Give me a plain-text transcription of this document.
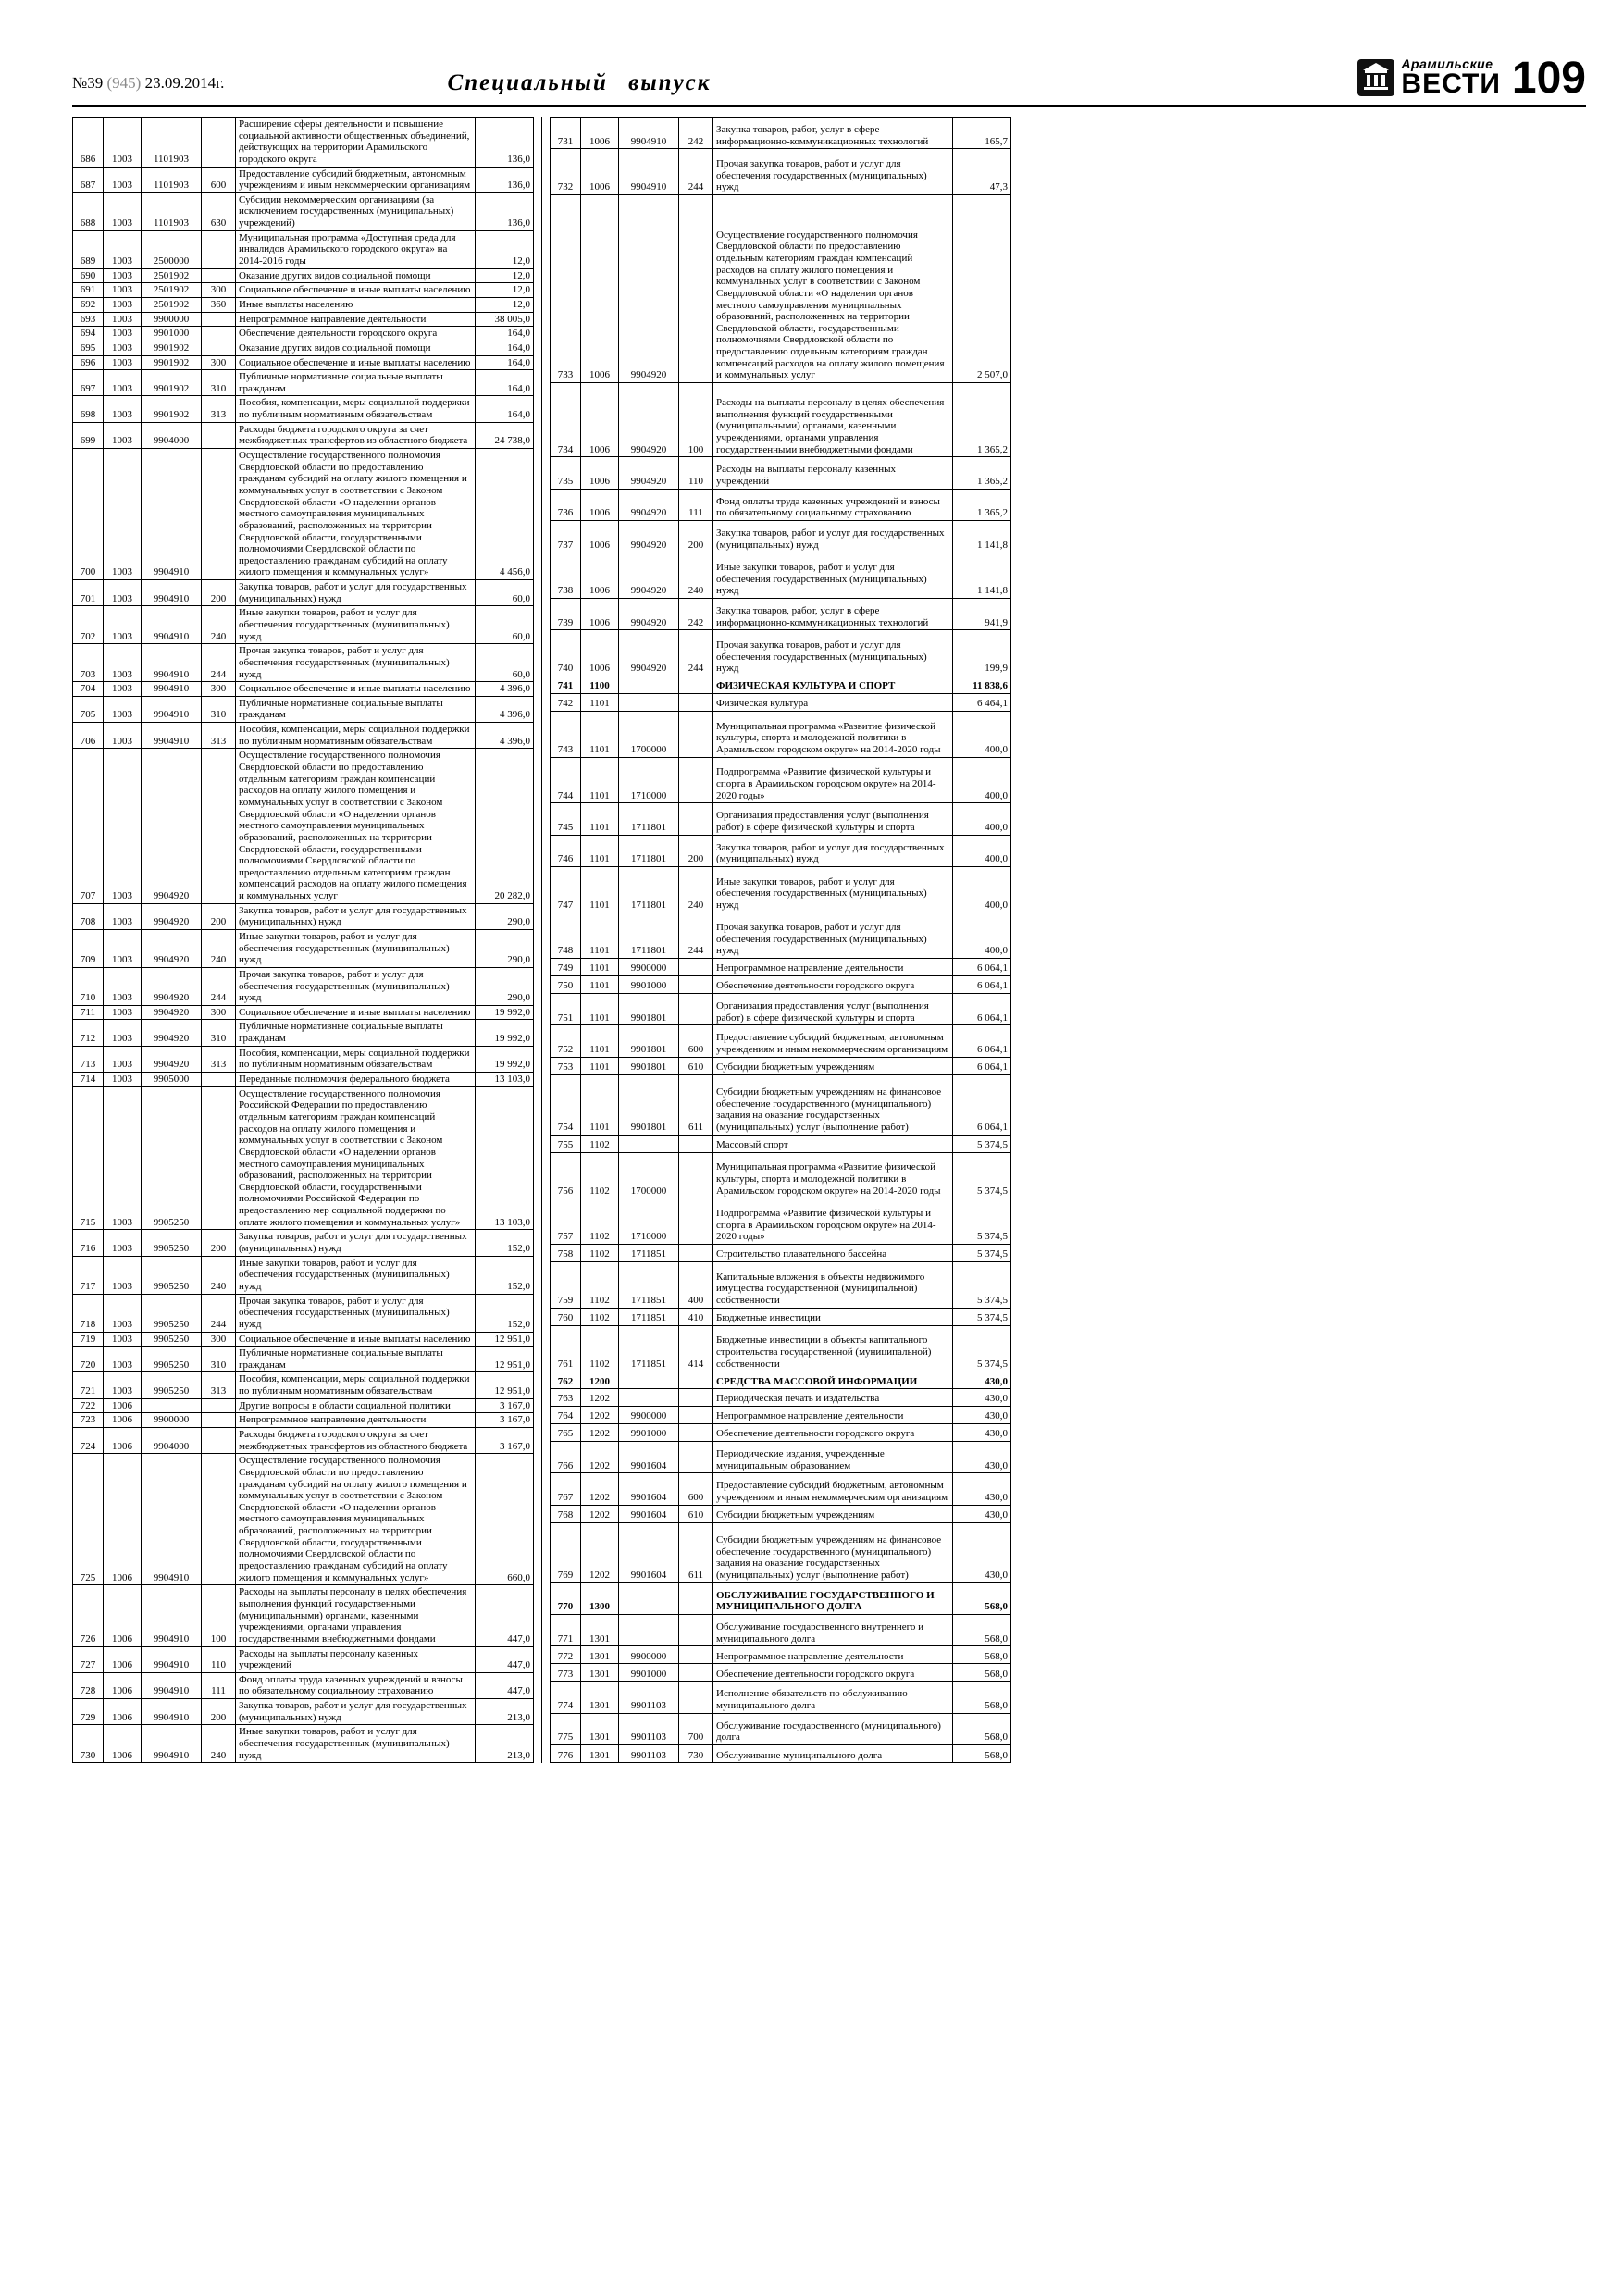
№39 (945) 23.09.2014г.	Специальный выпуск
Арамильские
ВЕСТИ 109
686	1003	1101903		Расширение сферы деятельности и повышение социальной активности общественных объединений, действующих на территории Арамильского городского округа	136,0
687	1003	1101903	600	Предоставление субсидий бюджетным, автономным учреждениям и иным некоммерческим организациям	136,0
688	1003	1101903	630	Субсидии некоммерческим организациям (за исключением государственных (муниципальных) учреждений)	136,0
689	1003	2500000		Муниципальная программа «Доступная среда для инвалидов Арамильского городского округа» на 2014-2016 годы	12,0
690	1003	2501902		Оказание других видов социальной помощи	12,0
691	1003	2501902	300	Социальное обеспечение и иные выплаты населению	12,0
692	1003	2501902	360	Иные выплаты населению	12,0
693	1003	9900000		Непрограммное направление деятельности	38 005,0
694	1003	9901000		Обеспечение деятельности городского округа	164,0
695	1003	9901902		Оказание других видов социальной помощи	164,0
696	1003	9901902	300	Социальное обеспечение и иные выплаты населению	164,0
697	1003	9901902	310	Публичные нормативные социальные выплаты гражданам	164,0
698	1003	9901902	313	Пособия, компенсации, меры социальной поддержки по публичным нормативным обязательствам	164,0
699	1003	9904000		Расходы бюджета городского округа за счет межбюджетных трансфертов из областного бюджета	24 738,0
700	1003	9904910		Осуществление государственного полномочия Свердловской области по предоставлению гражданам субсидий на оплату жилого помещения и коммунальных услуг в соответствии с Законом Свердловской области «О наделении органов местного самоуправления муниципальных образований, расположенных на территории Свердловской области, государственными полномочиями Свердловской области по предоставлению гражданам субсидий на оплату жилого помещения и коммунальных услуг»	4 456,0
701	1003	9904910	200	Закупка товаров, работ и услуг для государственных (муниципальных) нужд	60,0
702	1003	9904910	240	Иные закупки товаров, работ и услуг для обеспечения государственных (муниципальных) нужд	60,0
703	1003	9904910	244	Прочая закупка товаров, работ и услуг для обеспечения государственных (муниципальных) нужд	60,0
704	1003	9904910	300	Социальное обеспечение и иные выплаты населению	4 396,0
705	1003	9904910	310	Публичные нормативные социальные выплаты гражданам	4 396,0
706	1003	9904910	313	Пособия, компенсации, меры социальной поддержки по публичным нормативным обязательствам	4 396,0
707	1003	9904920		Осуществление государственного полномочия Свердловской области по предоставлению отдельным категориям граждан компенсаций расходов на оплату жилого помещения и коммунальных услуг в соответствии с Законом Свердловской области «О наделении органов местного самоуправления муниципальных образований, расположенных на территории Свердловской области, государственными полномочиями Свердловской области по предоставлению отдельным категориям граждан компенсаций расходов на оплату жилого помещения и коммунальных услуг	20 282,0
708	1003	9904920	200	Закупка товаров, работ и услуг для государственных (муниципальных) нужд	290,0
709	1003	9904920	240	Иные закупки товаров, работ и услуг для обеспечения государственных (муниципальных) нужд	290,0
710	1003	9904920	244	Прочая закупка товаров, работ и услуг для обеспечения государственных (муниципальных) нужд	290,0
711	1003	9904920	300	Социальное обеспечение и иные выплаты населению	19 992,0
712	1003	9904920	310	Публичные нормативные социальные выплаты гражданам	19 992,0
713	1003	9904920	313	Пособия, компенсации, меры социальной поддержки по публичным нормативным обязательствам	19 992,0
714	1003	9905000		Переданные полномочия федерального бюджета	13 103,0
715	1003	9905250		Осуществление государственного полномочия Российской Федерации по предоставлению отдельным категориям граждан компенсаций расходов на оплату жилого помещения и коммунальных услуг в соответствии с Законом Свердловской области «О наделении органов местного самоуправления муниципальных образований, расположенных на территории Свердловской области, государственными полномочиями Российской Федерации по предоставлению мер социальной поддержки по оплате жилого помещения и коммунальных услуг»	13 103,0
716	1003	9905250	200	Закупка товаров, работ и услуг для государственных (муниципальных) нужд	152,0
717	1003	9905250	240	Иные закупки товаров, работ и услуг для обеспечения государственных (муниципальных) нужд	152,0
718	1003	9905250	244	Прочая закупка товаров, работ и услуг для обеспечения государственных (муниципальных) нужд	152,0
719	1003	9905250	300	Социальное обеспечение и иные выплаты населению	12 951,0
720	1003	9905250	310	Публичные нормативные социальные выплаты гражданам	12 951,0
721	1003	9905250	313	Пособия, компенсации, меры социальной поддержки по публичным нормативным обязательствам	12 951,0
722	1006			Другие вопросы в области социальной политики	3 167,0
723	1006	9900000		Непрограммное направление деятельности	3 167,0
724	1006	9904000		Расходы бюджета городского округа за счет межбюджетных трансфертов из областного бюджета	3 167,0
725	1006	9904910		Осуществление государственного полномочия Свердловской области по предоставлению гражданам субсидий на оплату жилого помещения и коммунальных услуг в соответствии с Законом Свердловской области «О наделении органов местного самоуправления муниципальных образований, расположенных на территории Свердловской области, государственными полномочиями Свердловской области по предоставлению гражданам субсидий на оплату жилого помещения и коммунальных услуг»	660,0
726	1006	9904910	100	Расходы на выплаты персоналу в целях обеспечения выполнения функций государственными (муниципальными) органами, казенными учреждениями, органами управления государственными внебюджетными фондами	447,0
727	1006	9904910	110	Расходы на выплаты персоналу казенных учреждений	447,0
728	1006	9904910	111	Фонд оплаты труда казенных учреждений и взносы по обязательному социальному страхованию	447,0
729	1006	9904910	200	Закупка товаров, работ и услуг для государственных (муниципальных) нужд	213,0
730	1006	9904910	240	Иные закупки товаров, работ и услуг для обеспечения государственных (муниципальных) нужд	213,0
731	1006	9904910	242	Закупка товаров, работ, услуг в сфере информационно-коммуникационных технологий	165,7
732	1006	9904910	244	Прочая закупка товаров, работ и услуг для обеспечения государственных (муниципальных) нужд	47,3
733	1006	9904920		Осуществление государственного полномочия Свердловской области по предоставлению отдельным категориям граждан компенсаций расходов на оплату жилого помещения и коммунальных услуг в соответствии с Законом Свердловской области «О наделении органов местного самоуправления муниципальных образований, расположенных на территории Свердловской области, государственными полномочиями Свердловской области по предоставлению отдельным категориям граждан компенсаций расходов на оплату жилого помещения и коммунальных услуг	2 507,0
734	1006	9904920	100	Расходы на выплаты персоналу в целях обеспечения выполнения функций государственными (муниципальными) органами, казенными учреждениями, органами управления государственными внебюджетными фондами	1 365,2
735	1006	9904920	110	Расходы на выплаты персоналу казенных учреждений	1 365,2
736	1006	9904920	111	Фонд оплаты труда казенных учреждений и взносы по обязательному социальному страхованию	1 365,2
737	1006	9904920	200	Закупка товаров, работ и услуг для государственных (муниципальных) нужд	1 141,8
738	1006	9904920	240	Иные закупки товаров, работ и услуг для обеспечения государственных (муниципальных) нужд	1 141,8
739	1006	9904920	242	Закупка товаров, работ, услуг в сфере информационно-коммуникационных технологий	941,9
740	1006	9904920	244	Прочая закупка товаров, работ и услуг для обеспечения государственных (муниципальных) нужд	199,9
741	1100			ФИЗИЧЕСКАЯ КУЛЬТУРА И СПОРТ	11 838,6
742	1101			Физическая культура	6 464,1
743	1101	1700000		Муниципальная программа «Развитие физической культуры, спорта и молодежной политики в Арамильском городском округе» на 2014-2020 годы	400,0
744	1101	1710000		Подпрограмма «Развитие физической культуры и спорта в Арамильском городском округе» на 2014-2020 годы»	400,0
745	1101	1711801		Организация предоставления услуг (выполнения работ) в сфере физической культуры и спорта	400,0
746	1101	1711801	200	Закупка товаров, работ и услуг для государственных (муниципальных) нужд	400,0
747	1101	1711801	240	Иные закупки товаров, работ и услуг для обеспечения государственных (муниципальных) нужд	400,0
748	1101	1711801	244	Прочая закупка товаров, работ и услуг для обеспечения государственных (муниципальных) нужд	400,0
749	1101	9900000		Непрограммное направление деятельности	6 064,1
750	1101	9901000		Обеспечение деятельности городского округа	6 064,1
751	1101	9901801		Организация предоставления услуг (выполнения работ) в сфере физической культуры и спорта	6 064,1
752	1101	9901801	600	Предоставление субсидий бюджетным, автономным учреждениям и иным некоммерческим организациям	6 064,1
753	1101	9901801	610	Субсидии бюджетным учреждениям	6 064,1
754	1101	9901801	611	Субсидии бюджетным учреждениям на финансовое обеспечение государственного (муниципального) задания на оказание государственных (муниципальных) услуг (выполнение работ)	6 064,1
755	1102			Массовый спорт	5 374,5
756	1102	1700000		Муниципальная программа «Развитие физической культуры, спорта и молодежной политики в Арамильском городском округе» на 2014-2020 годы	5 374,5
757	1102	1710000		Подпрограмма «Развитие физической культуры и спорта в Арамильском городском округе» на 2014-2020 годы»	5 374,5
758	1102	1711851		Строительство плавательного бассейна	5 374,5
759	1102	1711851	400	Капитальные вложения в объекты недвижимого имущества государственной (муниципальной) собственности	5 374,5
760	1102	1711851	410	Бюджетные инвестиции	5 374,5
761	1102	1711851	414	Бюджетные инвестиции в объекты капитального строительства государственной (муниципальной) собственности	5 374,5
762	1200			СРЕДСТВА МАССОВОЙ ИНФОРМАЦИИ	430,0
763	1202			Периодическая печать и издательства	430,0
764	1202	9900000		Непрограммное направление деятельности	430,0
765	1202	9901000		Обеспечение деятельности городского округа	430,0
766	1202	9901604		Периодические издания, учрежденные муниципальным образованием	430,0
767	1202	9901604	600	Предоставление субсидий бюджетным, автономным учреждениям и иным некоммерческим организациям	430,0
768	1202	9901604	610	Субсидии бюджетным учреждениям	430,0
769	1202	9901604	611	Субсидии бюджетным учреждениям на финансовое обеспечение государственного (муниципального) задания на оказание государственных (муниципальных) услуг (выполнение работ)	430,0
770	1300			ОБСЛУЖИВАНИЕ ГОСУДАРСТВЕННОГО И МУНИЦИПАЛЬНОГО ДОЛГА	568,0
771	1301			Обслуживание государственного внутреннего и муниципального долга	568,0
772	1301	9900000		Непрограммное направление деятельности	568,0
773	1301	9901000		Обеспечение деятельности городского округа	568,0
774	1301	9901103		Исполнение обязательств по обслуживанию муниципального долга	568,0
775	1301	9901103	700	Обслуживание государственного (муниципального) долга	568,0
776	1301	9901103	730	Обслуживание муниципального долга	568,0
